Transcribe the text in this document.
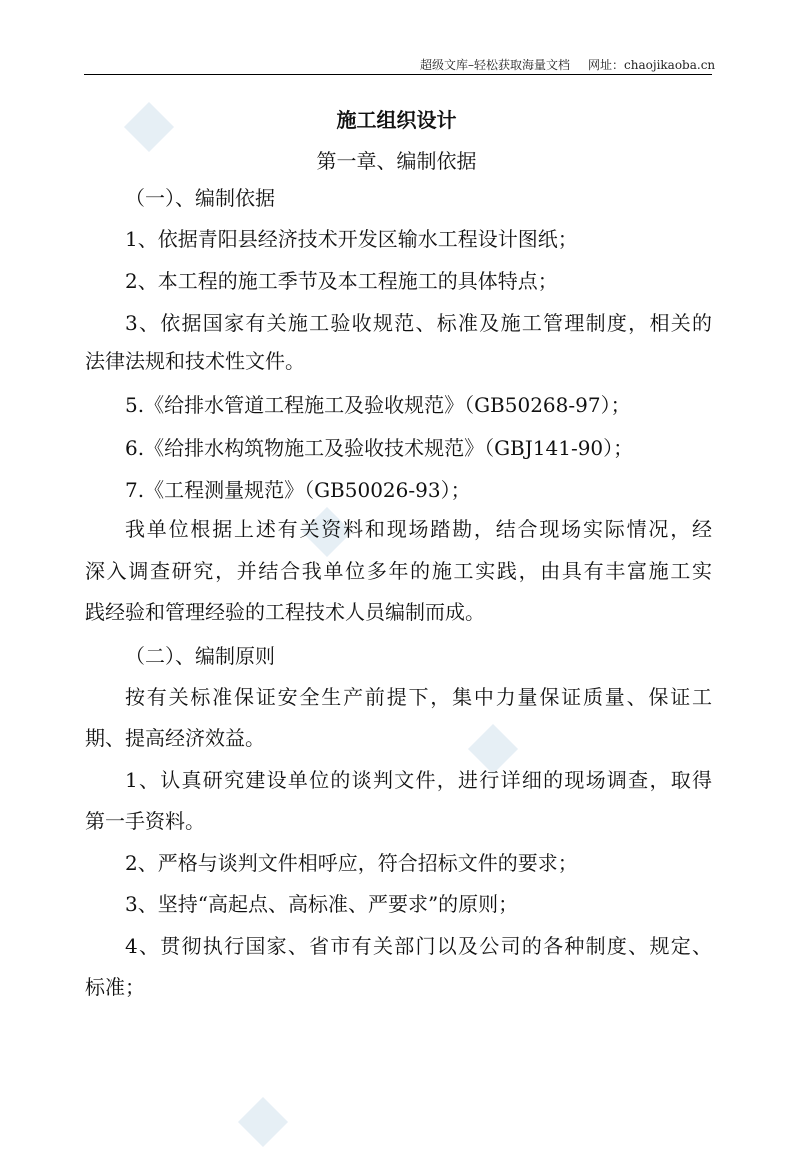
超级文库–轻松获取海量文档 网址：chaojikaoba.cn
施工组织设计
第一章、编制依据
（一）、编制依据
1、依据青阳县经济技术开发区输水工程设计图纸；
2、本工程的施工季节及本工程施工的具体特点；
3、依据国家有关施工验收规范、标准及施工管理制度，相关的
法律法规和技术性文件。
5.《给排水管道工程施工及验收规范》（GB50268-97）；
6.《给排水构筑物施工及验收技术规范》（GBJ141-90）；
7.《工程测量规范》（GB50026-93）；
我单位根据上述有关资料和现场踏勘，结合现场实际情况，经
深入调查研究，并结合我单位多年的施工实践，由具有丰富施工实
践经验和管理经验的工程技术人员编制而成。
（二）、编制原则
按有关标准保证安全生产前提下，集中力量保证质量、保证工
期、提高经济效益。
1、认真研究建设单位的谈判文件，进行详细的现场调查，取得
第一手资料。
2、严格与谈判文件相呼应，符合招标文件的要求；
3、坚持“高起点、高标准、严要求”的原则；
4、贯彻执行国家、省市有关部门以及公司的各种制度、规定、
标准；
